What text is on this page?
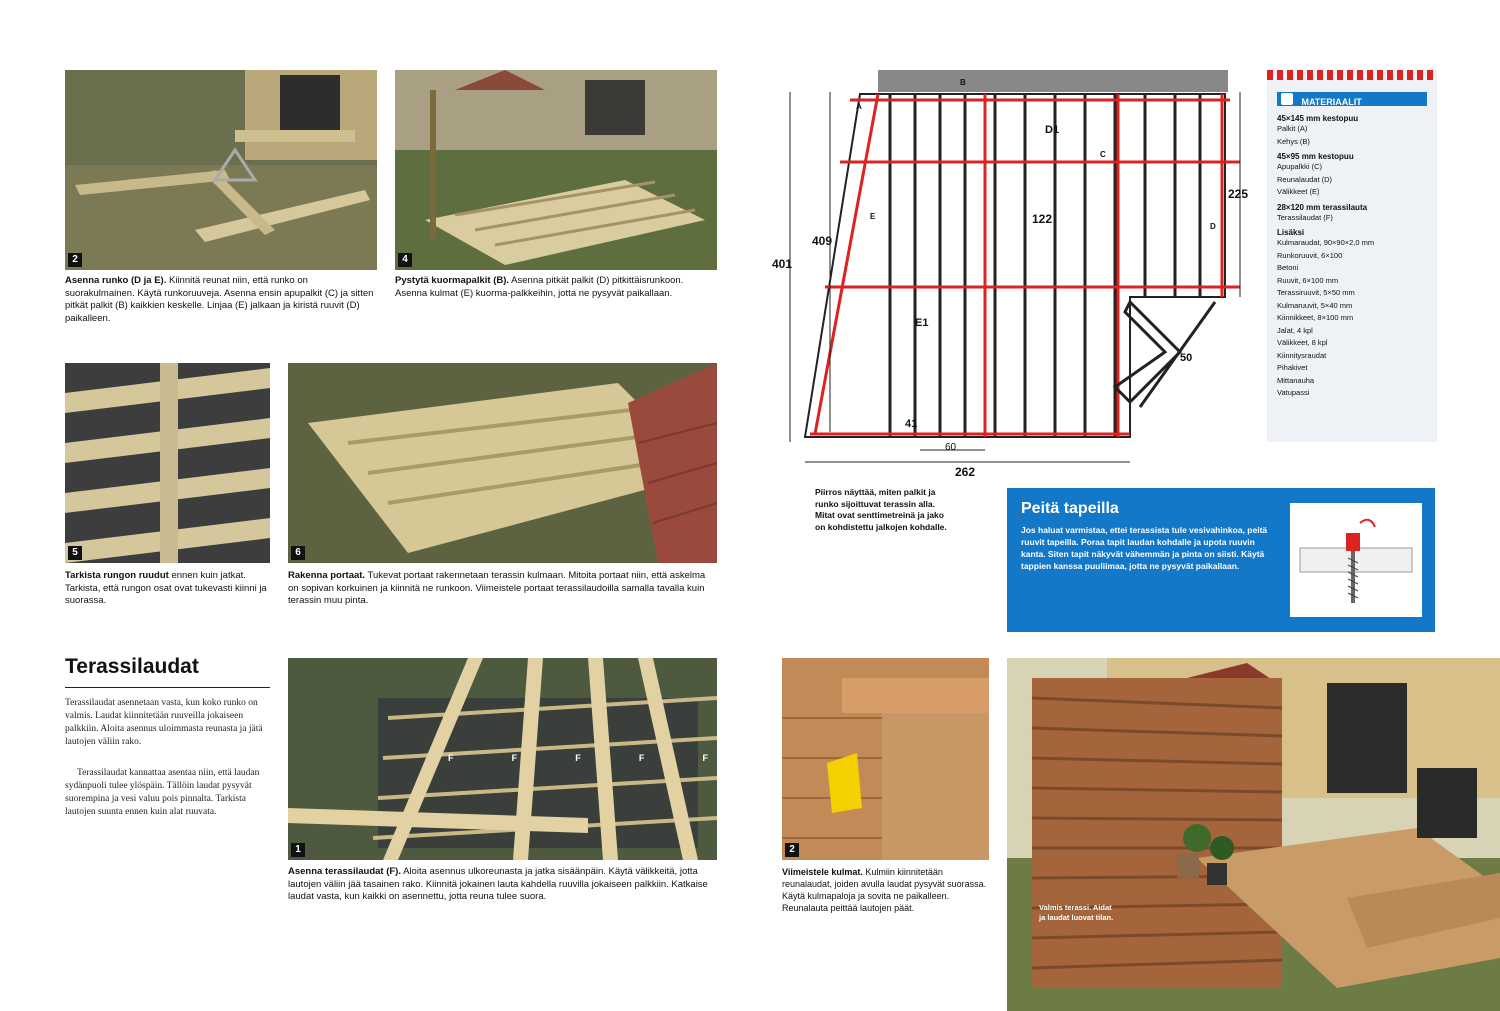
2
Asenna runko (D ja E). Kiinnitä reunat niin, että runko on suorakulmainen. Käytä runkoruuveja. Asenna ensin apupalkit (C) ja sitten pitkät palkit (B) kaikkien keskelle. Linjaa (E) jalkaan ja kiristä ruuvit (D) paikalleen.
4
Pystytä kuormapalkit (B). Asenna pitkät palkit (D) pitkittäisrunkoon. Asenna kulmat (E) kuorma-palkkeihin, jotta ne pysyvät paikallaan.
5
Tarkista rungon ruudut ennen kuin jatkat. Tarkista, että rungon osat ovat tukevasti kiinni ja suorassa.
6
Rakenna portaat. Tukevat portaat rakennetaan terassin kulmaan. Mitoita portaat niin, että askelma on sopivan korkuinen ja kiinnitä ne runkoon. Viimeistele portaat terassilaudoilla samalla tavalla kuin terassin muu pinta.
Terassilaudat
Terassilaudat asennetaan vasta, kun koko runko on valmis. Laudat kiinnitetään ruuveilla jokaiseen palkkiin. Aloita asennus uloimmasta reunasta ja jätä lautojen väliin rako.
Terassilaudat kannattaa asentaa niin, että laudan sydänpuoli tulee ylöspäin. Tällöin laudat pysyvät suorempina ja vesi valuu pois pinnalta. Tarkista lautojen suunta ennen kuin alat ruuvata.
F	F	F	F	F
1
Asenna terassilaudat (F). Aloita asennus ulkoreunasta ja jatka sisäänpäin. Käytä välikkeitä, jotta lautojen väliin jää tasainen rako. Kiinnitä jokainen lauta kahdella ruuvilla jokaiseen palkkiin. Katkaise laudat vasta, kun kaikki on asennettu, jotta reuna tulee suora.
401
409
122
225
41
60
262
50
D1
E1
A
B
C
D
E
Piirros näyttää, miten palkit ja runko sijoittuvat terassin alla. Mitat ovat senttimetreinä ja jako on kohdistettu jalkojen kohdalle.
MATERIAALIT
45×145 mm kestopuu
Palkit (A)
Kehys (B)
45×95 mm kestopuu
Apupalkki (C)
Reunalaudat (D)
Välikkeet (E)
28×120 mm terassilauta
Terassilaudat (F)
Lisäksi
Kulmaraudat, 90×90×2,0 mm
Runkoruuvit, 6×100
Betoni
Ruuvit, 6×100 mm
Terassiruuvit, 5×50 mm
Kulmaruuvit, 5×40 mm
Kiinnikkeet, 8×100 mm
Jalat, 4 kpl
Välikkeet, 8 kpl
Kiinnitysraudat
Pihakivet
Mittanauha
Vatupassi
Peitä tapeilla
Jos haluat varmistaa, ettei terassista tule vesivahinkoa, peitä ruuvit tapeilla. Poraa tapit laudan kohdalle ja upota ruuvin kanta. Siten tapit näkyvät vähemmän ja pinta on siisti. Käytä tappien kanssa puuliimaa, jotta ne pysyvät paikallaan.
2
Viimeistele kulmat. Kulmiin kiinnitetään reunalaudat, joiden avulla laudat pysyvät suorassa. Käytä kulmapaloja ja sovita ne paikalleen. Reunalauta peittää lautojen päät.	Valmis terassi. Aidat ja laudat luovat tilan.
